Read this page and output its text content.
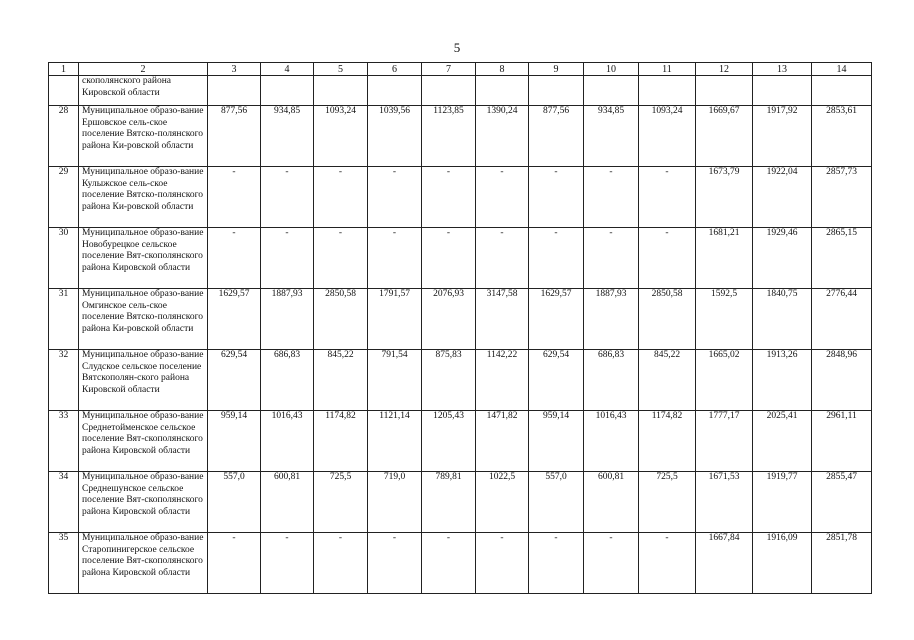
5
1	2	3	4	5	6	7	8	9	10	11	12	13	14
	скополянского района Кировской области												
28	Муниципальное образо-вание Ершовское сель-ское поселение Вятско-полянского района Ки-ровской области	877,56	934,85	1093,24	1039,56	1123,85	1390,24	877,56	934,85	1093,24	1669,67	1917,92	2853,61
29	Муниципальное образо-вание Кулыжское сель-ское поселение Вятско-полянского района Ки-ровской области	-	-	-	-	-	-	-	-	-	1673,79	1922,04	2857,73
30	Муниципальное образо-вание Новобурецкое сельское поселение Вят-скополянского района Кировской области	-	-	-	-	-	-	-	-	-	1681,21	1929,46	2865,15
31	Муниципальное образо-вание Омгинское сель-ское поселение Вятско-полянского района Ки-ровской области	1629,57	1887,93	2850,58	1791,57	2076,93	3147,58	1629,57	1887,93	2850,58	1592,5	1840,75	2776,44
32	Муниципальное образо-вание Слудское сельское поселение Вятскополян-ского района Кировской области	629,54	686,83	845,22	791,54	875,83	1142,22	629,54	686,83	845,22	1665,02	1913,26	2848,96
33	Муниципальное образо-вание Среднетойменское сельское поселение Вят-скополянского района Кировской области	959,14	1016,43	1174,82	1121,14	1205,43	1471,82	959,14	1016,43	1174,82	1777,17	2025,41	2961,11
34	Муниципальное образо-вание Среднешунское сельское поселение Вят-скополянского района Кировской области	557,0	600,81	725,5	719,0	789,81	1022,5	557,0	600,81	725,5	1671,53	1919,77	2855,47
35	Муниципальное образо-вание Старопинигерское сельское поселение Вят-скополянского района Кировской области	-	-	-	-	-	-	-	-	-	1667,84	1916,09	2851,78
